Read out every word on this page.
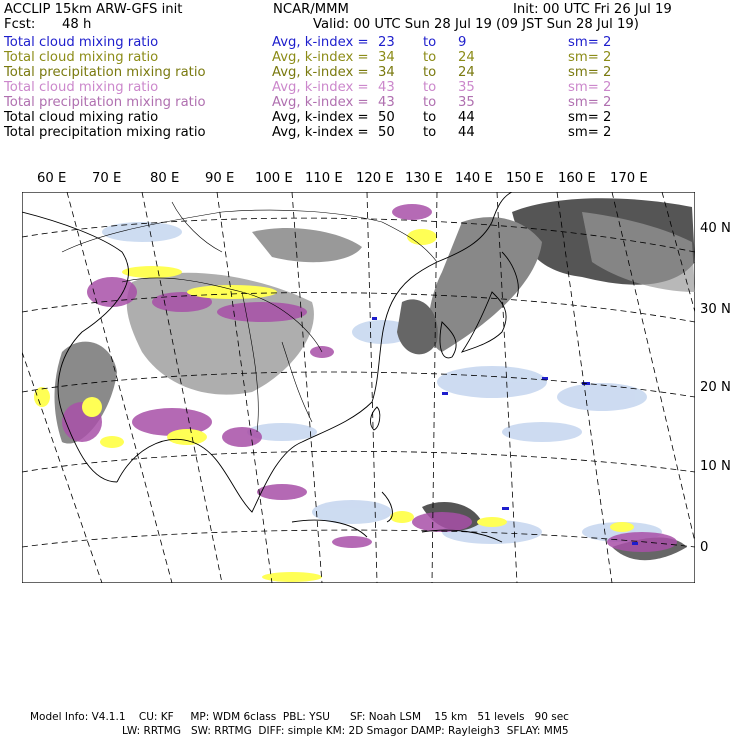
ACCLIP 15km ARW-GFS init	NCAR/MMM	Init: 00 UTC Fri 26 Jul 19
Fcst: 48 h	Valid: 00 UTC Sun 28 Jul 19 (09 JST Sun 28 Jul 19)
Total cloud mixing ratio	Avg, k-index = 23 to 9	sm= 2
Total cloud mixing ratio	Avg, k-index = 34 to 24	sm= 2
Total precipitation mixing ratio	Avg, k-index = 34 to 24	sm= 2
Total cloud mixing ratio	Avg, k-index = 43 to 35	sm= 2
Total precipitation mixing ratio	Avg, k-index = 43 to 35	sm= 2
Total cloud mixing ratio	Avg, k-index = 50 to 44	sm= 2
Total precipitation mixing ratio	Avg, k-index = 50 to 44	sm= 2
60 E 70 E 80 E 90 E 100 E 110 E 120 E 130 E 140 E 150 E 160 E 170 E
40 N
30 N
20 N
10 N
0
Model Info: V4.1.1    CU: KF     MP: WDM 6class  PBL: YSU      SF: Noah LSM    15 km   51 levels   90 sec
LW: RRTMG   SW: RRTMG  DIFF: simple KM: 2D Smagor DAMP: Rayleigh3  SFLAY: MM5
